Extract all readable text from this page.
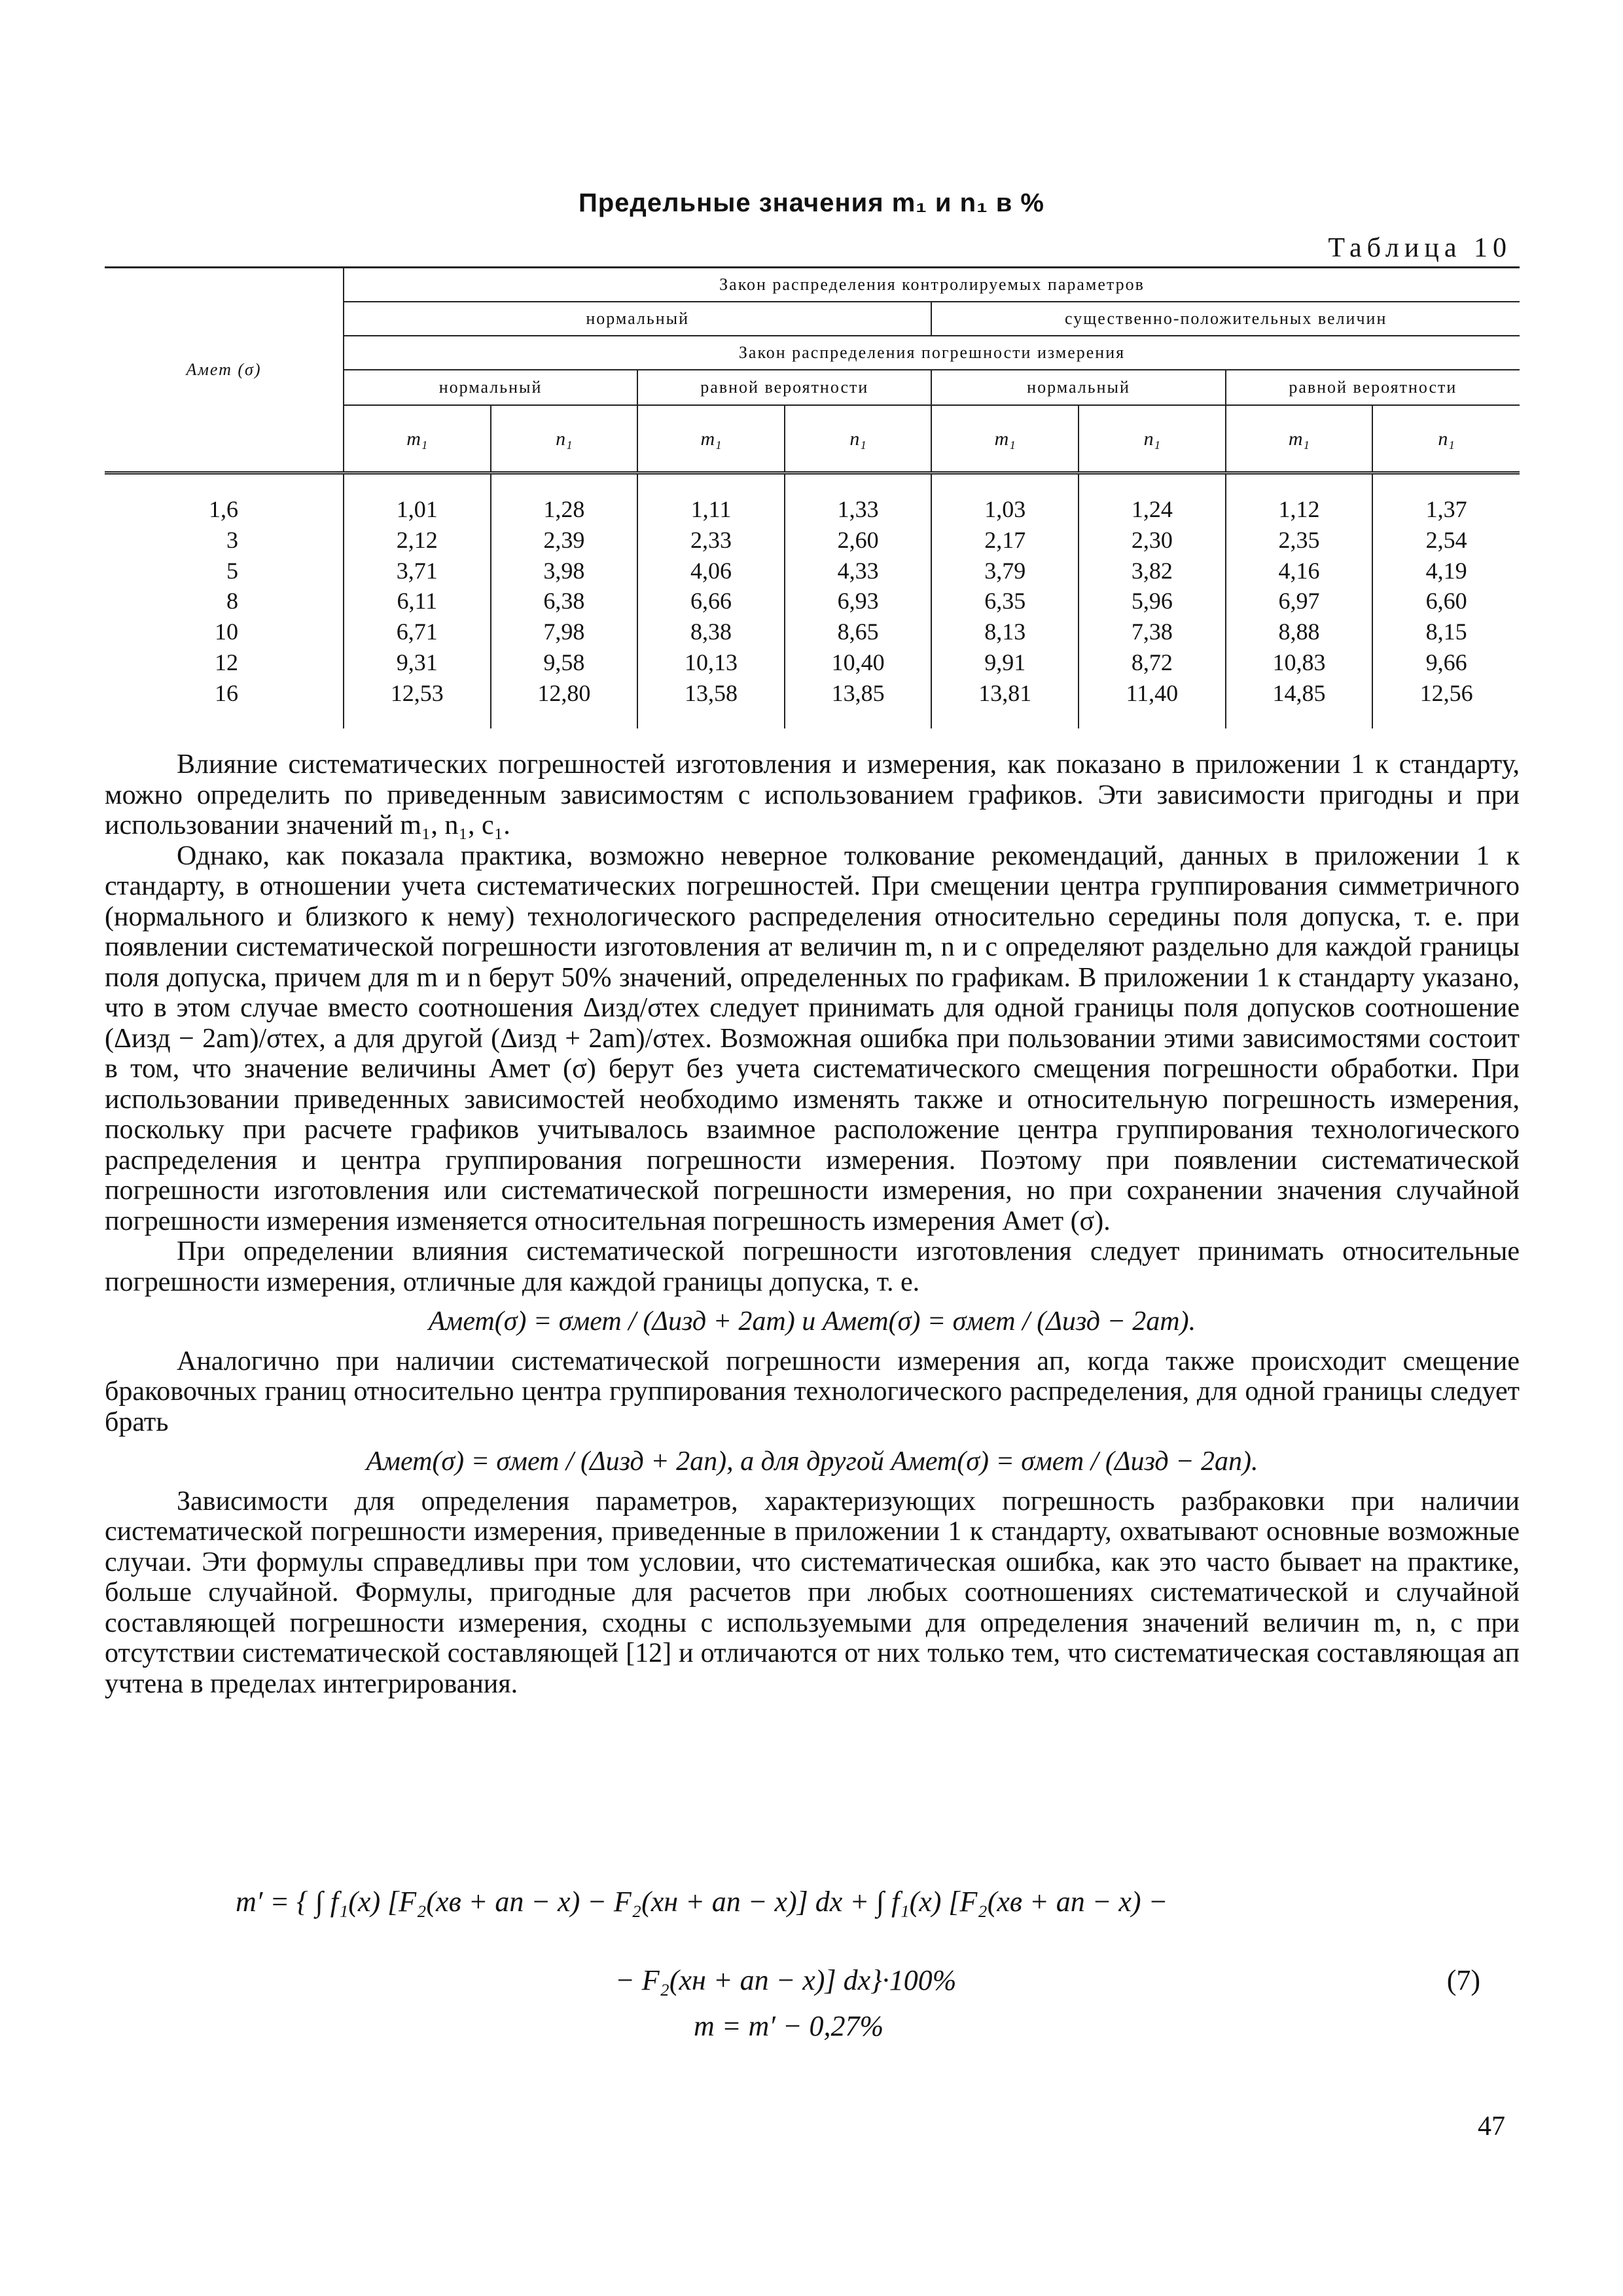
Предельные значения m₁ и n₁ в %
Таблица 10
Aмет (σ)	Закон распределения контролируемых параметров							
	нормальный				существенно-положительных величин			
	Закон распределения погрешности измерения							
	нормальный		равной вероятности		нормальный		равной вероятности	
	m₁	n₁	m₁	n₁	m₁	n₁	m₁	n₁
1,6	1,01	1,28	1,11	1,33	1,03	1,24	1,12	1,37
3	2,12	2,39	2,33	2,60	2,17	2,30	2,35	2,54
5	3,71	3,98	4,06	4,33	3,79	3,82	4,16	4,19
8	6,11	6,38	6,66	6,93	6,35	5,96	6,97	6,60
10	6,71	7,98	8,38	8,65	8,13	7,38	8,88	8,15
12	9,31	9,58	10,13	10,40	9,91	8,72	10,83	9,66
16	12,53	12,80	13,58	13,85	13,81	11,40	14,85	12,56

Влияние систематических погрешностей изготовления и измерения, как показано в приложении 1 к стандарту, можно определить по приведенным зависимостям с использованием графиков. Эти зависимости пригодны и при использовании значений m₁, n₁, c₁.

Однако, как показала практика, возможно неверное толкование рекомендаций, данных в приложении 1 к стандарту, в отношении учета систематических погрешностей. При смещении центра группирования симметричного (нормального и близкого к нему) технологического распределения относительно середины поля допуска, т. е. при появлении систематической погрешности изготовления aт величин m, n и c определяют раздельно для каждой границы поля допуска, причем для m и n берут 50% значений, определенных по графикам. В приложении 1 к стандарту указано, что в этом случае вместо соотношения Δизд/σтех следует принимать для одной границы поля допусков соотношение (Δизд − 2am)/σтех, а для другой (Δизд + 2am)/σтех. Возможная ошибка при пользовании этими зависимостями состоит в том, что значение величины Aмет (σ) берут без учета систематического смещения погрешности обработки. При использовании приведенных зависимостей необходимо изменять также и относительную погрешность измерения, поскольку при расчете графиков учитывалось взаимное расположение центра группирования технологического распределения и центра группирования погрешности измерения. Поэтому при появлении систематической погрешности изготовления или систематической погрешности измерения, но при сохранении значения случайной погрешности измерения изменяется относительная погрешность измерения Aмет (σ).

При определении влияния систематической погрешности изготовления следует принимать относительные погрешности измерения, отличные для каждой границы допуска, т. е.

Aмет(σ) = σмет / (Δизд + 2am) и Aмет(σ) = σмет / (Δизд − 2am).

Аналогично при наличии систематической погрешности измерения aп, когда также происходит смещение браковочных границ относительно центра группирования технологического распределения, для одной границы следует брать

Aмет(σ) = σмет / (Δизд + 2aп), а для другой Aмет(σ) = σмет / (Δизд − 2aп).

Зависимости для определения параметров, характеризующих погрешность разбраковки при наличии систематической погрешности измерения, приведенные в приложении 1 к стандарту, охватывают основные возможные случаи. Эти формулы справедливы при том условии, что систематическая ошибка, как это часто бывает на практике, больше случайной. Формулы, пригодные для расчетов при любых соотношениях систематической и случайной составляющей погрешности измерения, сходны с используемыми для определения значений величин m, n, c при отсутствии систематической составляющей [12] и отличаются от них только тем, что систематическая составляющая aп учтена в пределах интегрирования.

m′ = { ∫ f₁(x) [F₂(xв + aп − x) − F₂(xн + aп − x)] dx + ∫ f₁(x) [F₂(xв + aп − x) −
− F₂(xн + aп − x)] dx}·100%	(7)
m = m′ − 0,27%
47
